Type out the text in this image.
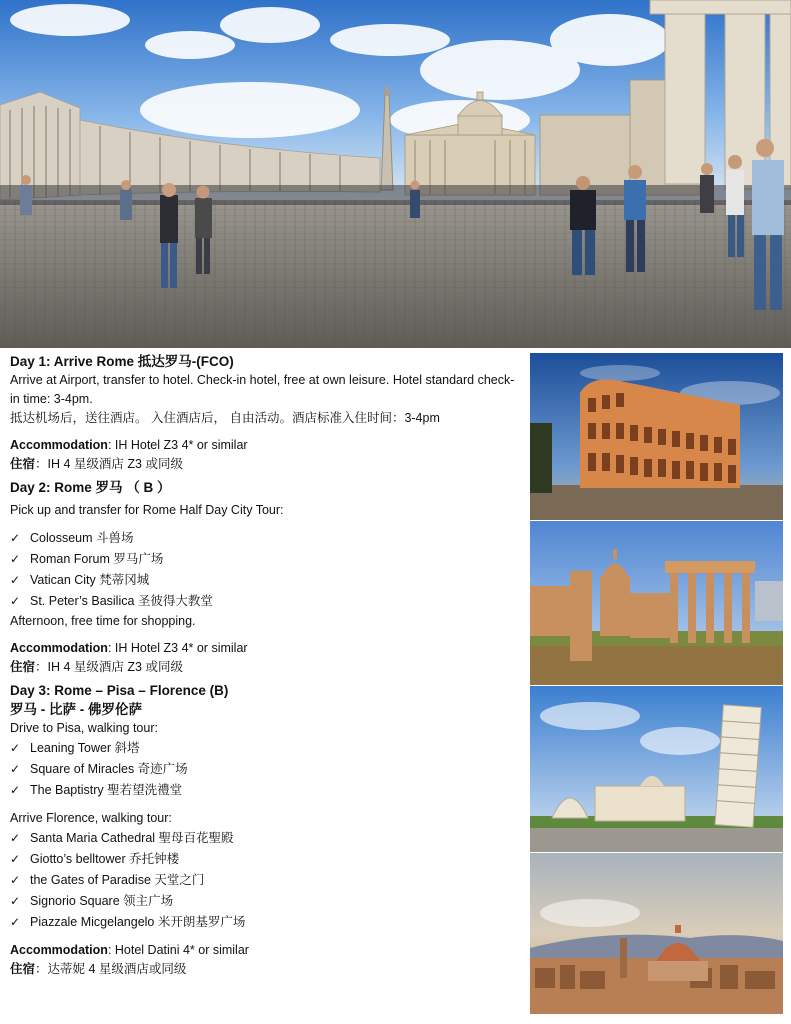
Day 1: Arrive Rome 抵达罗马-(FCO)

Arrive at Airport, transfer to hotel. Check-in hotel, free at own leisure. Hotel standard check-in time: 3-4pm.

抵达机场后，送往酒店。 入住酒店后， 自由活动。酒店标准入住时间：3-4pm

Accommodation: IH Hotel Z3 4* or similar

住宿：IH 4 星级酒店 Z3 或同级

Day 2: Rome 罗马 （ B ）

Pick up and transfer for Rome Half Day City Tour:

✓ Colosseum 斗兽场
✓ Roman Forum 罗马广场
✓ Vatican City 梵蒂冈城
✓ St. Peter’s Basilica 圣彼得大教堂

Afternoon, free time for shopping.

Accommodation: IH Hotel Z3 4* or similar

住宿：IH 4 星级酒店 Z3 或同级

Day 3: Rome – Pisa – Florence (B)

罗马 - 比萨 - 佛罗伦萨

Drive to Pisa, walking tour:

✓ Leaning Tower 斜塔
✓ Square of Miracles 奇迹广场
✓ The Baptistry 聖若望洗禮堂

Arrive Florence, walking tour:

✓ Santa Maria Cathedral 聖母百花聖殿
✓ Giotto’s belltower 乔托钟楼
✓ the Gates of Paradise 天堂之门
✓ Signorio Square 领主广场
✓ Piazzale Micgelangelo 米开朗基罗广场

Accommodation: Hotel Datini 4* or similar

住宿：达蒂妮 4 星级酒店或同级
